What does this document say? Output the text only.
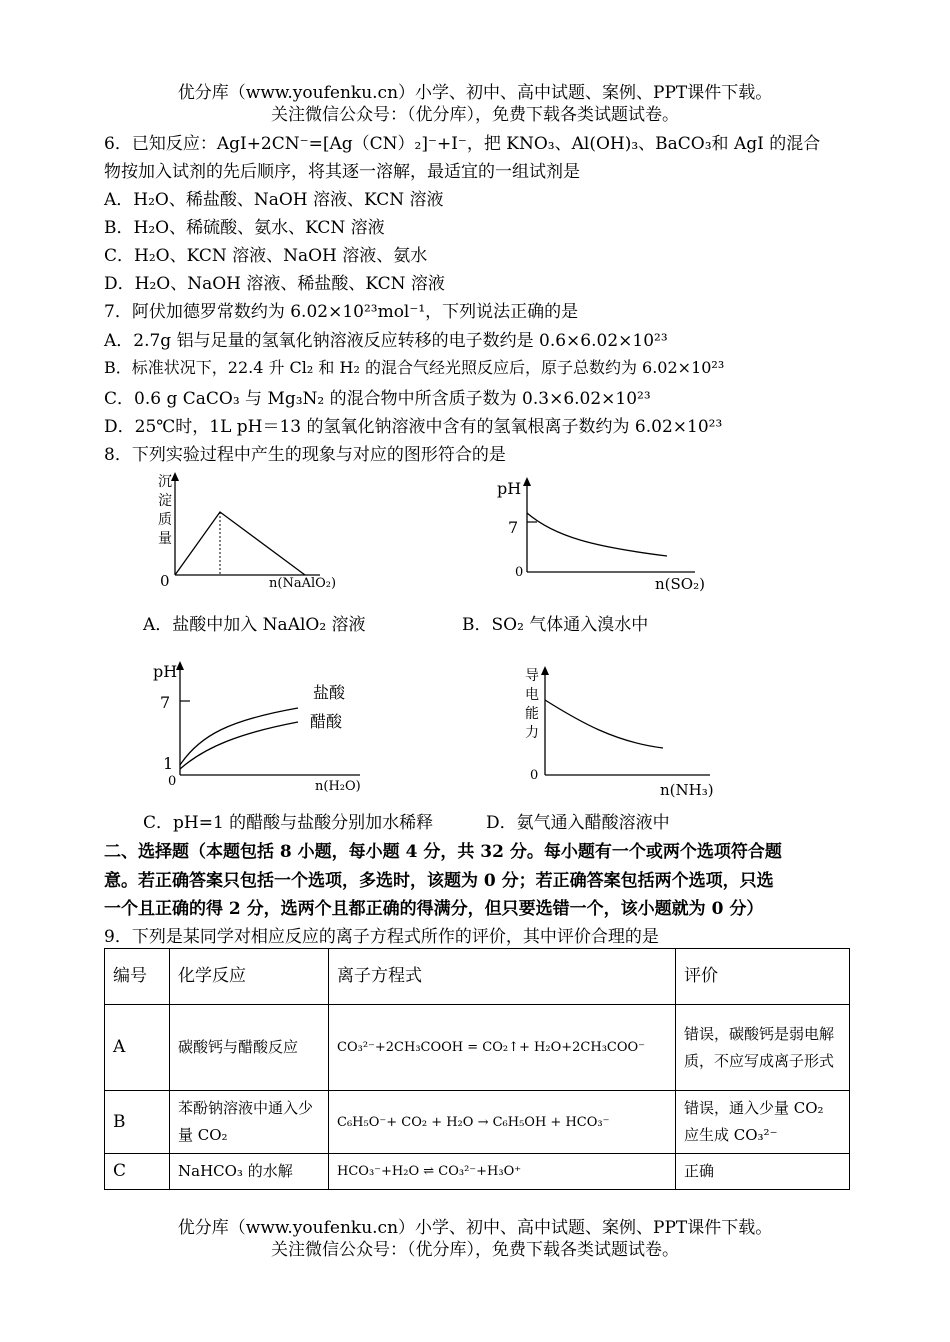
优分库（www.youfenku.cn）小学、初中、高中试题、案例、PPT课件下载。
关注微信公众号：（优分库），免费下载各类试题试卷。
6．已知反应：AgI+2CN⁻=[Ag（CN）₂]⁻+I⁻，把 KNO₃、Al(OH)₃、BaCO₃和 AgI 的混合
物按加入试剂的先后顺序，将其逐一溶解，最适宜的一组试剂是
A．H₂O、稀盐酸、NaOH 溶液、KCN 溶液
B．H₂O、稀硫酸、氨水、KCN 溶液
C．H₂O、KCN 溶液、NaOH 溶液、氨水
D．H₂O、NaOH 溶液、稀盐酸、KCN 溶液
7．阿伏加德罗常数约为 6.02×10²³mol⁻¹，下列说法正确的是
A．2.7g 铝与足量的氢氧化钠溶液反应转移的电子数约是 0.6×6.02×10²³
B．标准状况下，22.4 升 Cl₂ 和 H₂ 的混合气经光照反应后，原子总数约为 6.02×10²³
C．0.6 g CaCO₃ 与 Mg₃N₂ 的混合物中所含质子数为 0.3×6.02×10²³
D．25℃时，1L pH＝13 的氢氧化钠溶液中含有的氢氧根离子数约为 6.02×10²³
8．下列实验过程中产生的现象与对应的图形符合的是
沉
淀
质
量
0	n(NaAlO₂)
A．盐酸中加入 NaAlO₂ 溶液
pH
7
0
n(SO₂)
B．SO₂ 气体通入溴水中
pH
7
1
0
盐酸
醋酸
n(H₂O)
C．pH=1 的醋酸与盐酸分别加水稀释
导
电
能
力
0
n(NH₃)
D．氨气通入醋酸溶液中
二、选择题（本题包括 8 小题，每小题 4 分，共 32 分。每小题有一个或两个选项符合题
意。若正确答案只包括一个选项，多选时，该题为 0 分；若正确答案包括两个选项，只选
一个且正确的得 2 分，选两个且都正确的得满分，但只要选错一个，该小题就为 0 分）
9．下列是某同学对相应反应的离子方程式所作的评价，其中评价合理的是
编号	化学反应	离子方程式	评价
A	碳酸钙与醋酸反应	CO₃²⁻+2CH₃COOH = CO₂↑+ H₂O+2CH₃COO⁻	错误，碳酸钙是弱电解质，不应写成离子形式
B	苯酚钠溶液中通入少量 CO₂	C₆H₅O⁻+ CO₂ + H₂O → C₆H₅OH + HCO₃⁻	错误，通入少量 CO₂ 应生成 CO₃²⁻
C	NaHCO₃ 的水解	HCO₃⁻+H₂O ⇌ CO₃²⁻+H₃O⁺	正确
优分库（www.youfenku.cn）小学、初中、高中试题、案例、PPT课件下载。
关注微信公众号：（优分库），免费下载各类试题试卷。
